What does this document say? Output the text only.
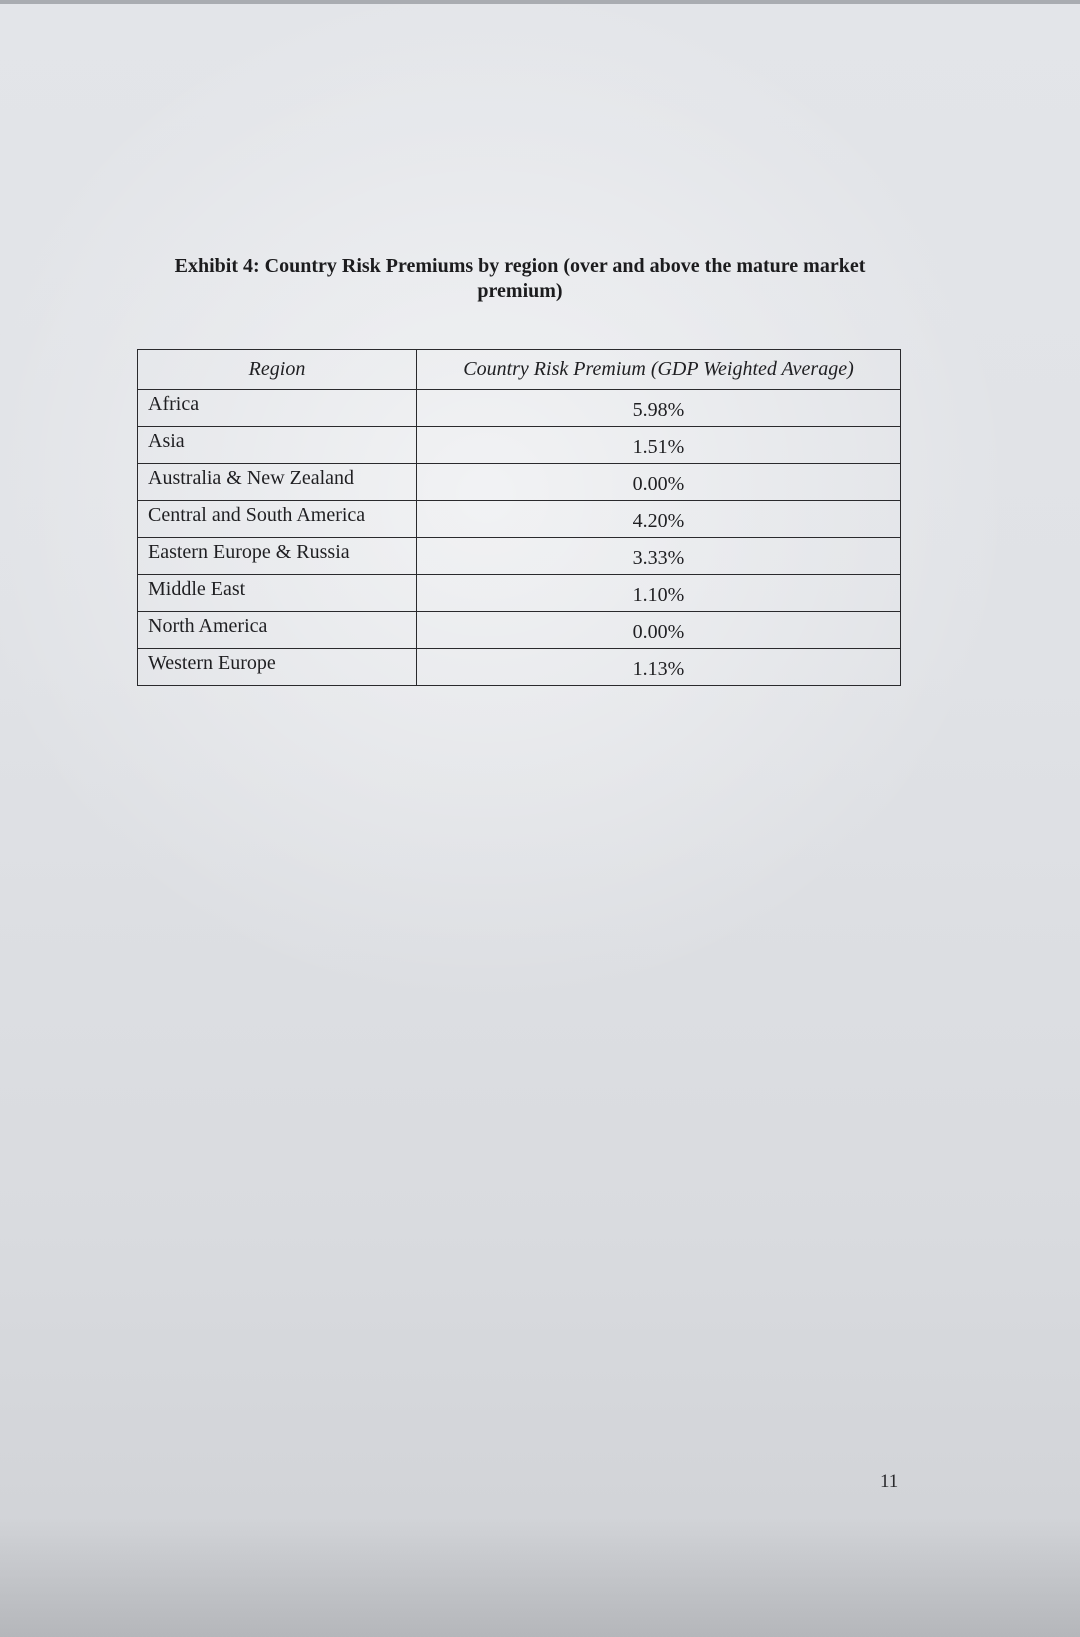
Exhibit 4: Country Risk Premiums by region (over and above the mature market premium)
Region	Country Risk Premium (GDP Weighted Average)
Africa	5.98%
Asia	1.51%
Australia & New Zealand	0.00%
Central and South America	4.20%
Eastern Europe & Russia	3.33%
Middle East	1.10%
North America	0.00%
Western Europe	1.13%
11
